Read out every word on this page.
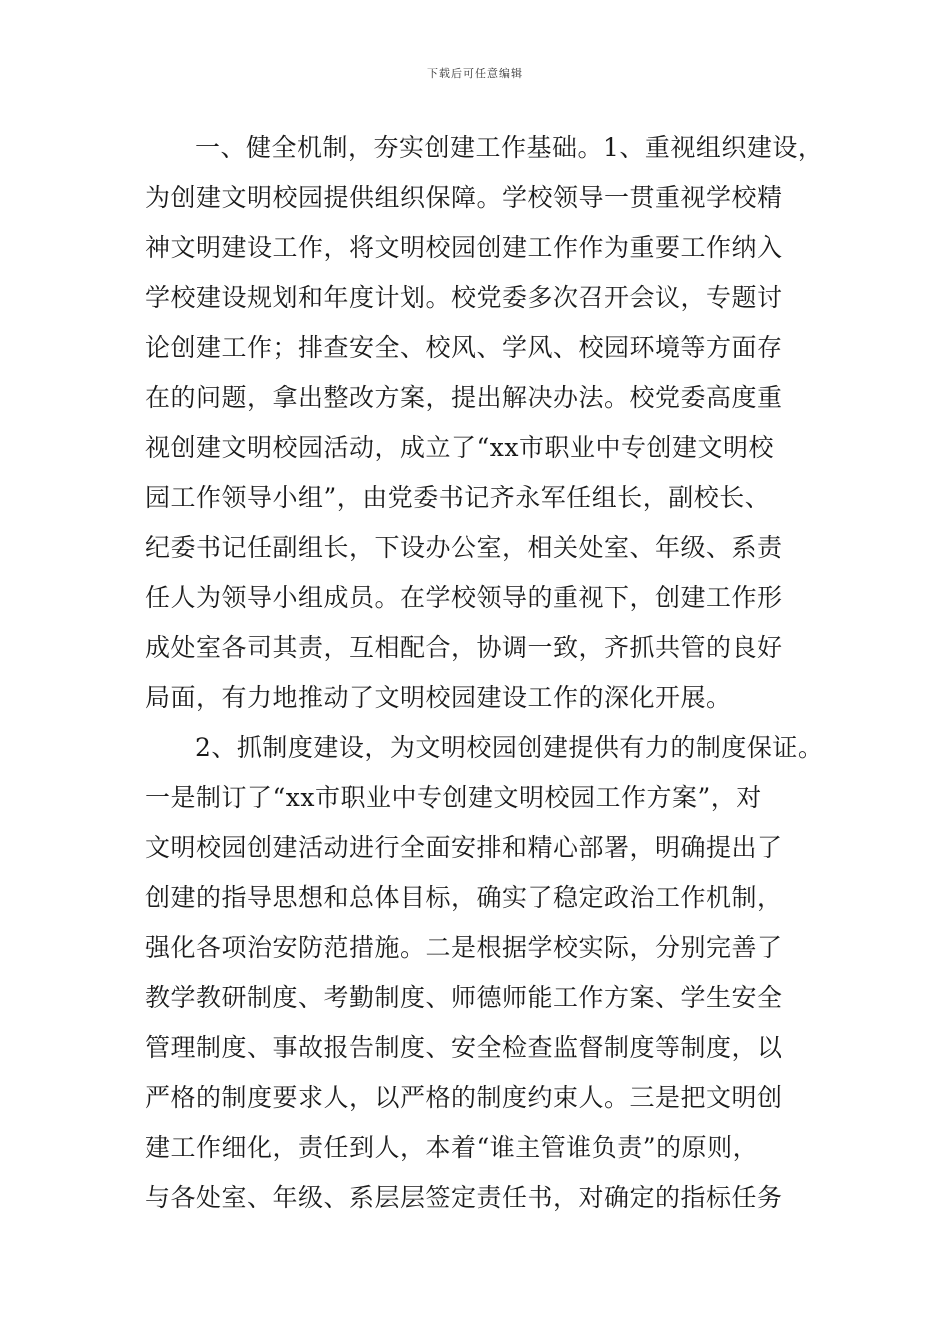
下载后可任意编辑
一、健全机制，夯实创建工作基础。1、重视组织建设，
为创建文明校园提供组织保障。学校领导一贯重视学校精
神文明建设工作，将文明校园创建工作作为重要工作纳入
学校建设规划和年度计划。校党委多次召开会议，专题讨
论创建工作；排查安全、校风、学风、校园环境等方面存
在的问题，拿出整改方案，提出解决办法。校党委高度重
视创建文明校园活动，成立了“xx市职业中专创建文明校
园工作领导小组”，由党委书记齐永军任组长，副校长、
纪委书记任副组长，下设办公室，相关处室、年级、系责
任人为领导小组成员。在学校领导的重视下，创建工作形
成处室各司其责，互相配合，协调一致，齐抓共管的良好
局面，有力地推动了文明校园建设工作的深化开展。
2、抓制度建设，为文明校园创建提供有力的制度保证。
一是制订了“xx市职业中专创建文明校园工作方案”，对
文明校园创建活动进行全面安排和精心部署，明确提出了
创建的指导思想和总体目标，确实了稳定政治工作机制，
强化各项治安防范措施。二是根据学校实际，分别完善了
教学教研制度、考勤制度、师德师能工作方案、学生安全
管理制度、事故报告制度、安全检查监督制度等制度，以
严格的制度要求人，以严格的制度约束人。三是把文明创
建工作细化，责任到人，本着“谁主管谁负责”的原则，
与各处室、年级、系层层签定责任书，对确定的指标任务
